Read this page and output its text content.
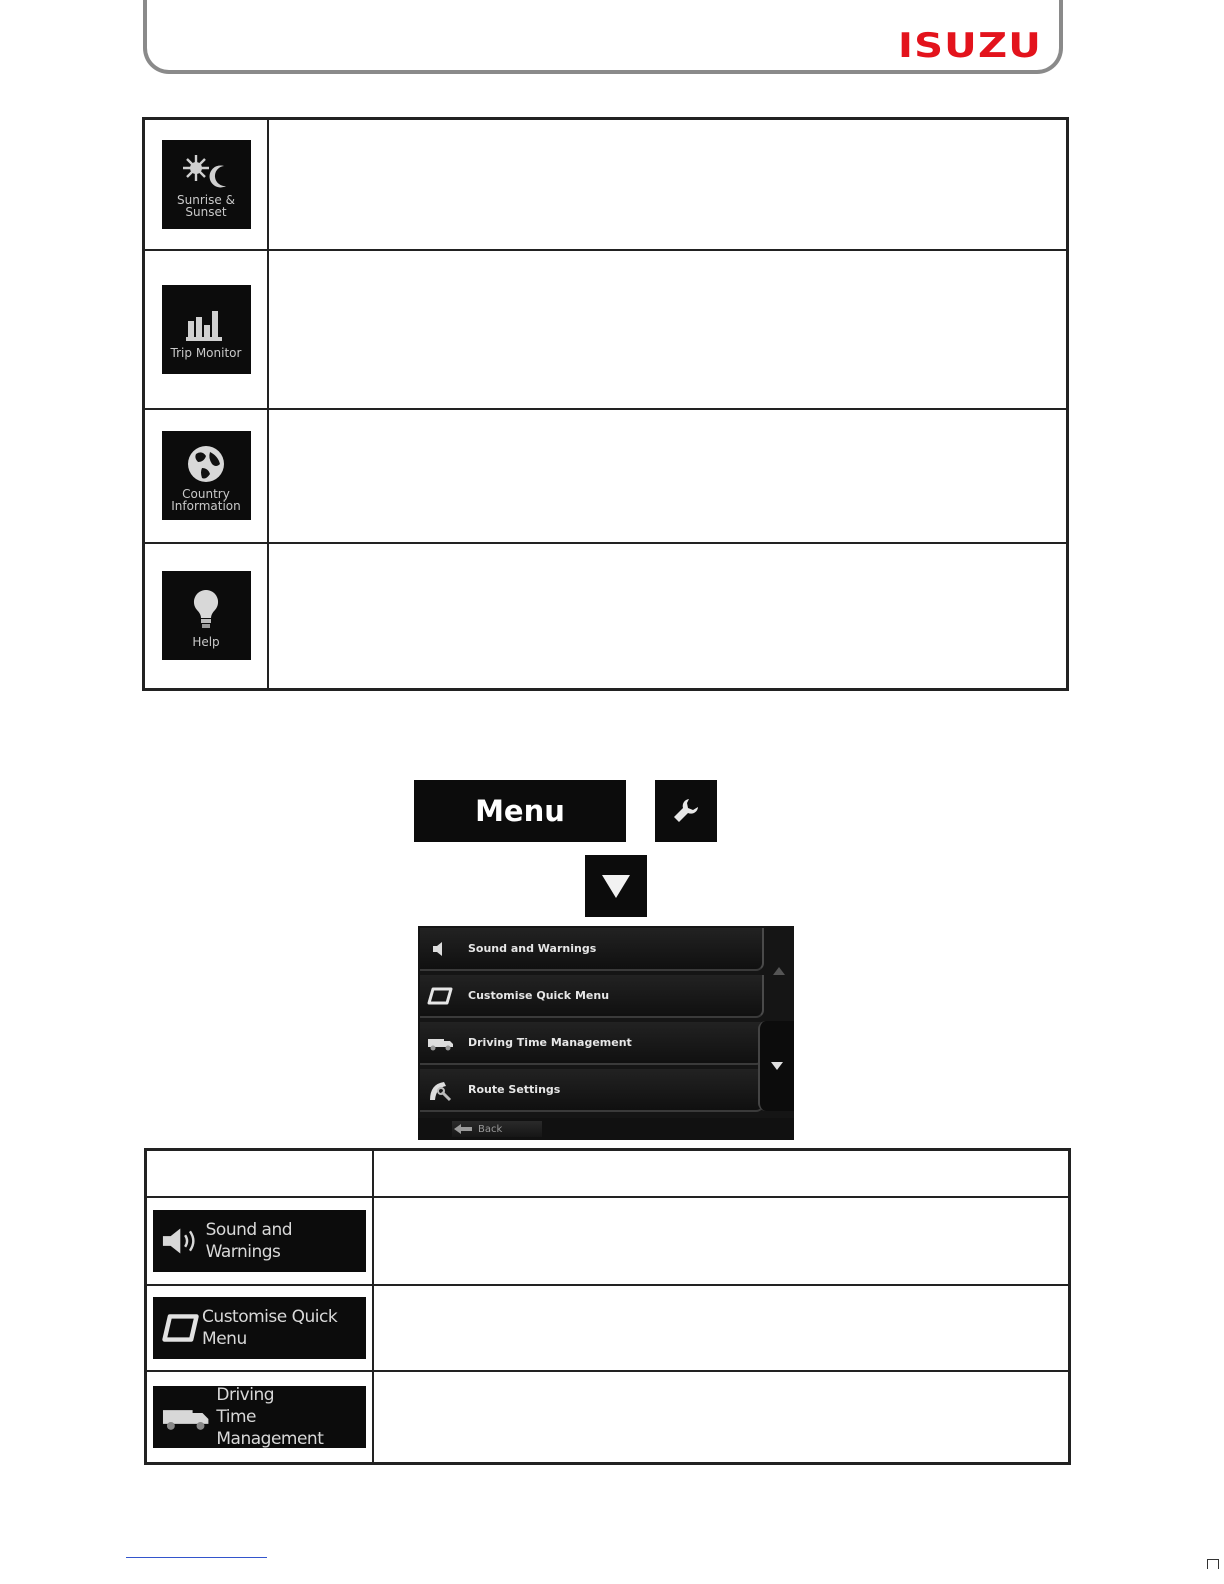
ISUZU
Sunrise &
Sunset	

Trip Monitor	

Country
Information	

Help	

Menu
Sound and Warnings
Customise Quick Menu
Driving Time Management
Route Settings
Back

Sound and Warnings	

Customise Quick Menu	

Driving
Time Management	
